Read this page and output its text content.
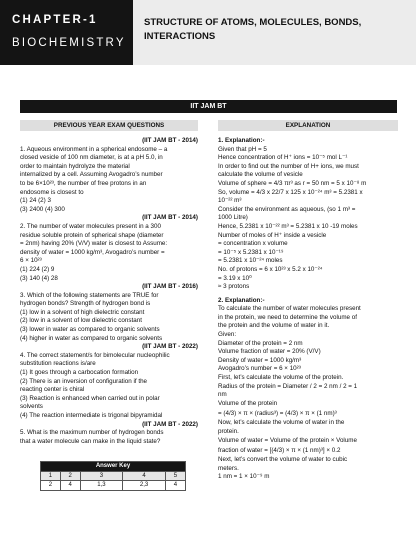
CHAPTER-1
BIOCHEMISTRY
STRUCTURE OF ATOMS, MOLECULES, BONDS, INTERACTIONS
IIT JAM BT
PREVIOUS YEAR EXAM QUESTIONS	EXPLANATION
(IIT JAM BT - 2014)
1. Aqueous environment in a spherical endosome – a
closed vesicle of 100 nm diameter, is at a pH 5.0, in
order to maintain hydrolyze the material
internalized by a cell. Assuming Avogadro’s number
to be 6×10²³, the number of free protons in an
endosome is closest to
(1) 24 (2) 3
(3) 2400 (4) 300
(IIT JAM BT - 2014)
2. The number of water molecules present in a 300
residue soluble protein of spherical shape (diameter
= 2nm) having 20% (V/V) water is closest to Assume:
density of water = 1000 kg/m³, Avogadro’s number =
6 × 10²³
(1) 224 (2) 9
(3) 140 (4) 28
(IIT JAM BT - 2016)
3. Which of the following statements are TRUE for
hydrogen bonds? Strength of hydrogen bond is
(1) low in a solvent of high dielectric constant
(2) low in a solvent of low dielectric constant
(3) lower in water as compared to organic solvents
(4) higher in water as compared to organic solvents
(IIT JAM BT - 2022)
4. The correct statement/s for bimolecular nucleophilic
substitution reactions is/are
(1) It goes through a carbocation formation
(2) There is an inversion of configuration if the
reacting center is chiral
(3) Reaction is enhanced when carried out in polar
solvents
(4) The reaction intermediate is trigonal bipyramidal
(IIT JAM BT - 2022)
5. What is the maximum number of hydrogen bonds
that a water molecule can make in the liquid state?
1. Explanation:-
Given that pH = 5
Hence concentration of H⁺ ions = 10⁻⁵ mol L⁻¹
In order to find out the number of H+ ions, we must
calculate the volume of vesicle
Volume of sphere = 4/3 πr³ as r = 50 nm = 5 x 10⁻⁸ m
So, volume = 4/3 x 22/7 x 125 x 10⁻²⁴ m³ = 5.2381 x
10⁻²² m³
Consider the environment as aqueous, (so 1 m³ =
1000 Litre)
Hence, 5.2381 x 10⁻²² m³ = 5.2381 x 10 -19 moles
Number of moles of H⁺ inside a vesicle
= concentration x volume
= 10⁻⁵ x 5.2381 x 10⁻¹⁹
= 5.2381 x 10⁻²⁴ moles
No. of protons = 6 x 10²³ x 5.2 x 10⁻²⁴
= 3.19 x 10⁰
≈ 3 protons
2. Explanation:-
To calculate the number of water molecules present
in the protein, we need to determine the volume of
the protein and the volume of water in it.
Given:
Diameter of the protein = 2 nm
Volume fraction of water = 20% (V/V)
Density of water = 1000 kg/m³
Avogadro’s number = 6 × 10²³
First, let’s calculate the volume of the protein.
Radius of the protein = Diameter / 2 = 2 nm / 2 = 1
nm
Volume of the protein
= (4/3) × π × (radius³) = (4/3) × π × (1 nm)³
Now, let’s calculate the volume of water in the
protein.
Volume of water = Volume of the protein × Volume
fraction of water = [(4/3) × π × (1 nm)³] × 0.2
Next, let’s convert the volume of water to cubic
meters.
1 nm = 1 × 10⁻⁹ m
Answer Key				
1	2	3	4	5
2	4	1,3	2,3	4
